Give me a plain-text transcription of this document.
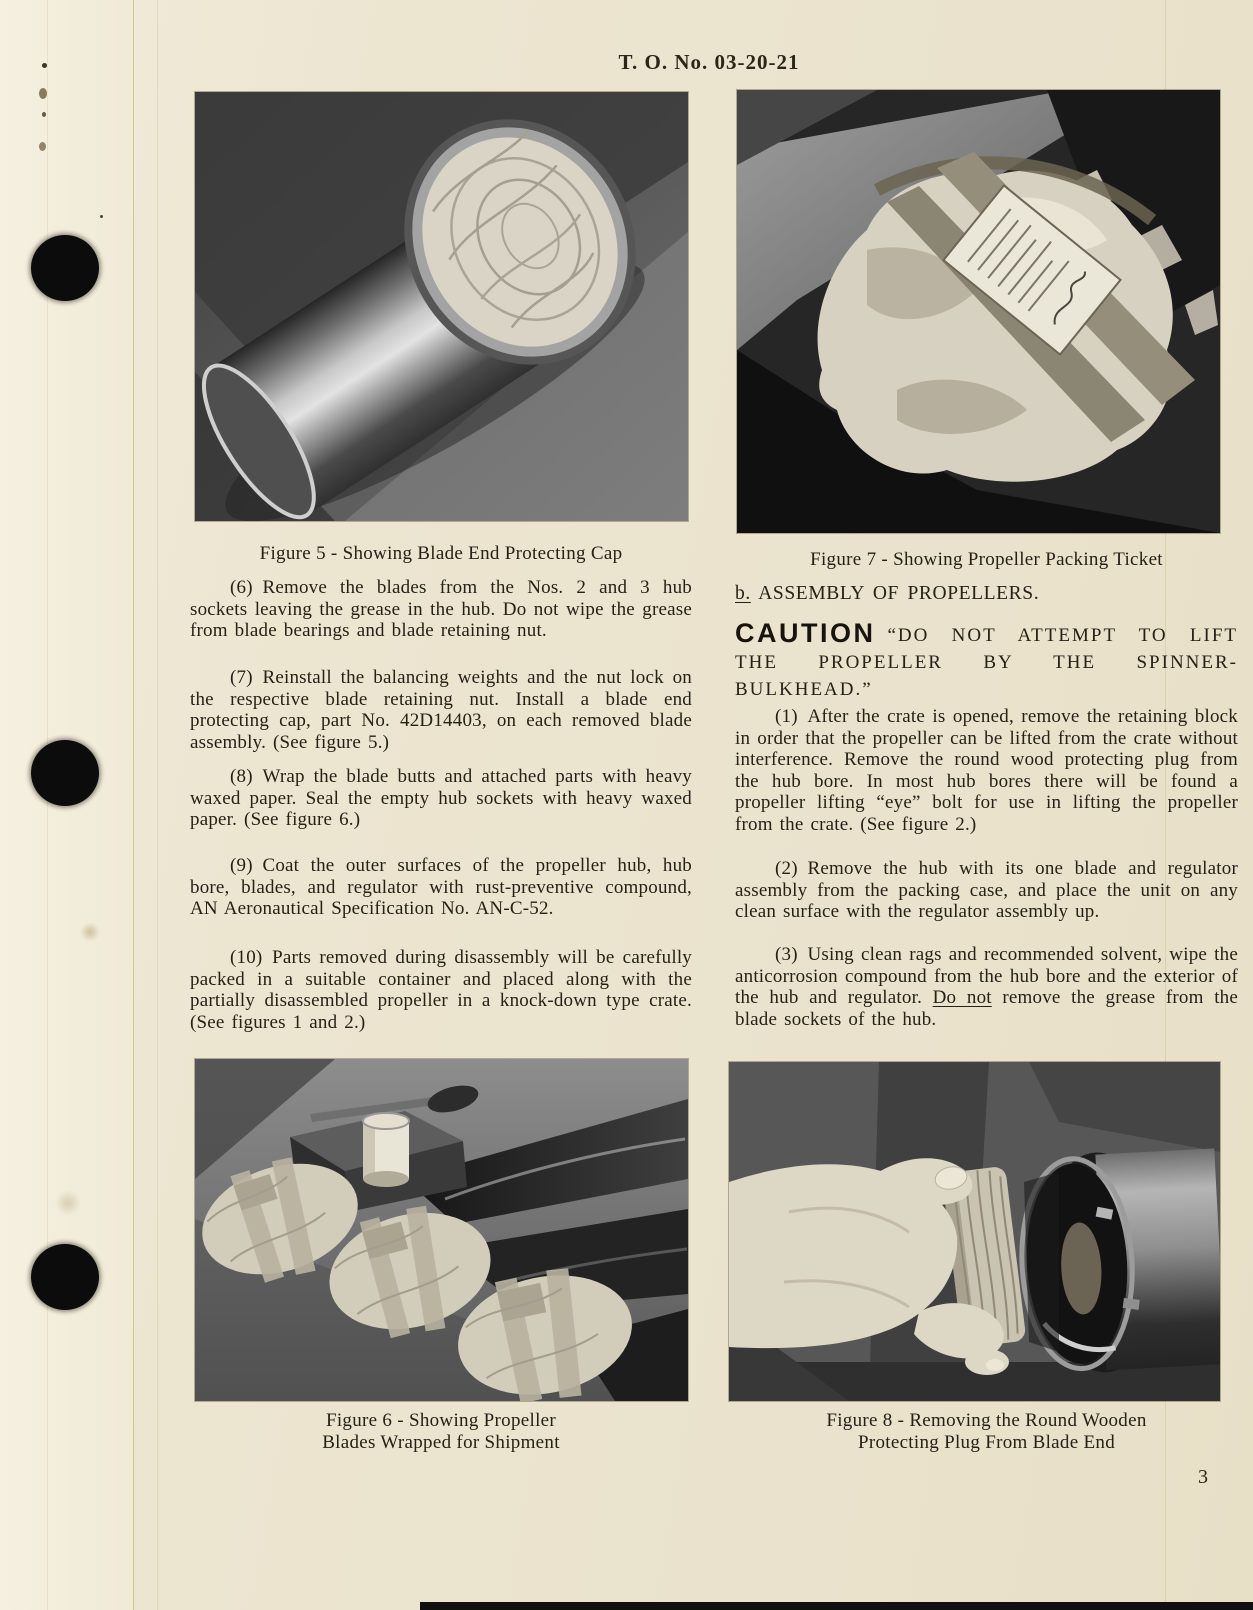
T. O. No. 03-20-21
Figure 5 - Showing Blade End Protecting Cap

(6) Remove the blades from the Nos. 2 and 3 hub sockets leaving the grease in the hub. Do not wipe the grease from blade bearings and blade retaining nut.

(7) Reinstall the balancing weights and the nut lock on the respective blade retaining nut. Install a blade end protecting cap, part No. 42D14403, on each removed blade assembly. (See figure 5.)

(8) Wrap the blade butts and attached parts with heavy waxed paper. Seal the empty hub sockets with heavy waxed paper. (See figure 6.)

(9) Coat the outer surfaces of the propeller hub, hub bore, blades, and regulator with rust-preventive compound, AN Aeronautical Specification No. AN-C-52.

(10) Parts removed during disassembly will be carefully packed in a suitable container and placed along with the partially disassembled propeller in a knock-down type crate. (See figures 1 and 2.)

Figure 6 - Showing Propeller
Blades Wrapped for Shipment
Figure 7 - Showing Propeller Packing Ticket

b. ASSEMBLY OF PROPELLERS.

CAUTION “DO NOT ATTEMPT TO LIFT THE PROPELLER BY THE SPINNER-BULKHEAD.”

(1) After the crate is opened, remove the retaining block in order that the propeller can be lifted from the crate without interference. Remove the round wood protecting plug from the hub bore. In most hub bores there will be found a propeller lifting “eye” bolt for use in lifting the propeller from the crate. (See figure 2.)

(2) Remove the hub with its one blade and regulator assembly from the packing case, and place the unit on any clean surface with the regulator assembly up.

(3) Using clean rags and recommended solvent, wipe the anticorrosion compound from the hub bore and the exterior of the hub and regulator. Do not remove the grease from the blade sockets of the hub.

Figure 8 - Removing the Round Wooden
Protecting Plug From Blade End
3
